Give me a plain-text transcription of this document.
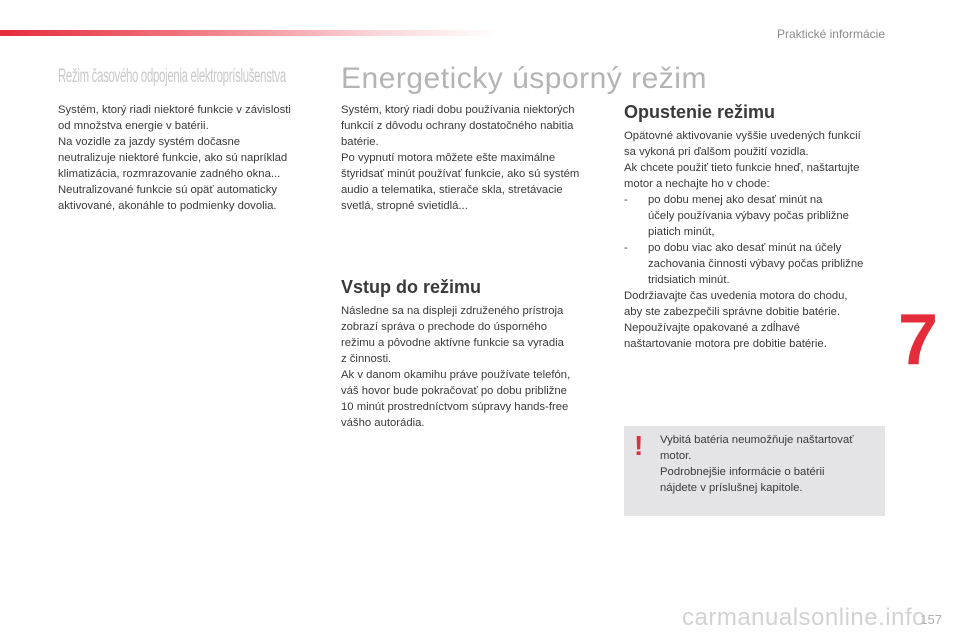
Praktické informácie
Režim časového odpojenia elektropríslušenstva
Systém, ktorý riadi niektoré funkcie v závislosti
od množstva energie v batérii.
Na vozidle za jazdy systém dočasne
neutralizuje niektoré funkcie, ako sú napríklad
klimatizácia, rozmrazovanie zadného okna...
Neutralizované funkcie sú opäť automaticky
aktivované, akonáhle to podmienky dovolia.
Energeticky úsporný režim
Systém, ktorý riadi dobu používania niektorých
funkcií z dôvodu ochrany dostatočného nabitia
batérie.
Po vypnutí motora môžete ešte maximálne
štyridsať minút používať funkcie, ako sú systém
audio a telematika, stierače skla, stretávacie
svetlá, stropné svietidlá...
Vstup do režimu
Následne sa na displeji združeného prístroja
zobrazí správa o prechode do úsporného
režimu a pôvodne aktívne funkcie sa vyradia
z činnosti.
Ak v danom okamihu práve používate telefón,
váš hovor bude pokračovať po dobu približne
10 minút prostredníctvom súpravy hands-free
vášho autorádia.
Opustenie režimu
Opätovné aktivovanie vyššie uvedených funkcií
sa vykoná pri ďalšom použití vozidla.
Ak chcete použiť tieto funkcie hneď, naštartujte
motor a nechajte ho v chode:
- po dobu menej ako desať minút na
účely používania výbavy počas približne
piatich minút,
- po dobu viac ako desať minút na účely
zachovania činnosti výbavy počas približne
tridsiatich minút.
Dodržiavajte čas uvedenia motora do chodu,
aby ste zabezpečili správne dobitie batérie.
Nepoužívajte opakované a zdĺhavé
naštartovanie motora pre dobitie batérie.
! Vybitá batéria neumožňuje naštartovať
motor.
Podrobnejšie informácie o batérii
nájdete v príslušnej kapitole.
7
157
carmanualsonline.info
